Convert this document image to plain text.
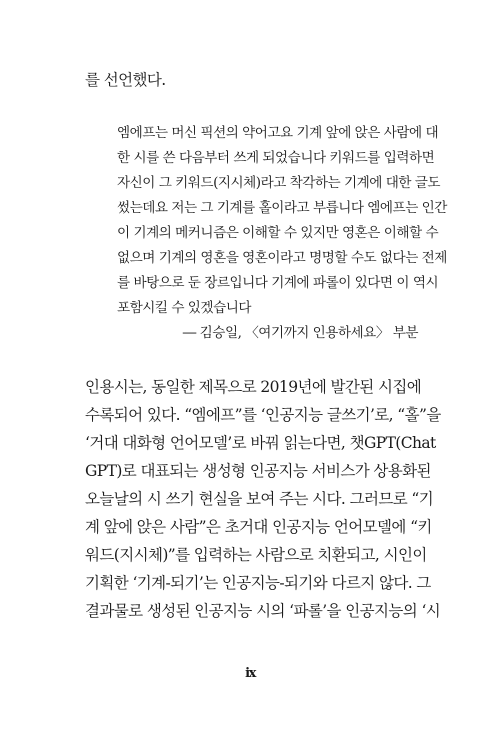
를 선언했다.

엠에프는 머신 픽션의 약어고요 기계 앞에 앉은 사람에 대

한 시를 쓴 다음부터 쓰게 되었습니다 키워드를 입력하면

자신이 그 키워드(지시체)라고 착각하는 기계에 대한 글도

썼는데요 저는 그 기계를 홀이라고 부릅니다 엠에프는 인간

이 기계의 메커니즘은 이해할 수 있지만 영혼은 이해할 수

없으며 기계의 영혼을 영혼이라고 명명할 수도 없다는 전제

를 바탕으로 둔 장르입니다 기계에 파롤이 있다면 이 역시

포함시킬 수 있겠습니다

― 김승일, 〈여기까지 인용하세요〉 부분

인용시는, 동일한 제목으로 2019년에 발간된 시집에

수록되어 있다. “엠에프”를 ‘인공지능 글쓰기’로, “홀”을

‘거대 대화형 언어모델’로 바꿔 읽는다면, 챗GPT(Chat

GPT)로 대표되는 생성형 인공지능 서비스가 상용화된

오늘날의 시 쓰기 현실을 보여 주는 시다. 그러므로 “기

계 앞에 앉은 사람”은 초거대 인공지능 언어모델에 “키

워드(지시체)”를 입력하는 사람으로 치환되고, 시인이

기획한 ‘기계-되기’는 인공지능-되기와 다르지 않다. 그

결과물로 생성된 인공지능 시의 ‘파롤’을 인공지능의 ‘시

ix
